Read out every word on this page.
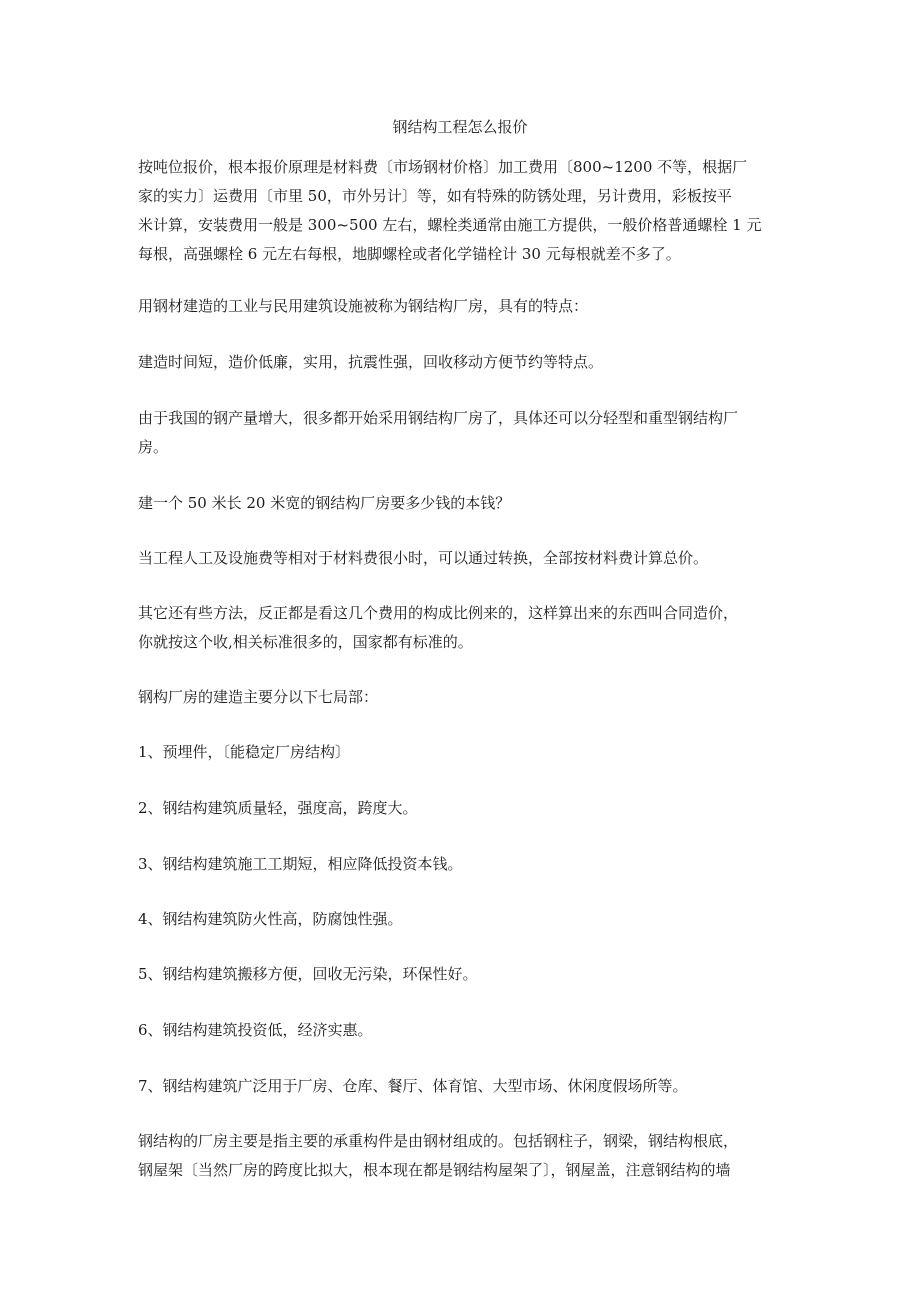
钢结构工程怎么报价

按吨位报价，根本报价原理是材料费〔市场钢材价格〕加工费用〔800~1200 不等，根据厂
家的实力〕运费用〔市里 50，市外另计〕等，如有特殊的防锈处理，另计费用，彩板按平
米计算，安装费用一般是 300~500 左右，螺栓类通常由施工方提供，一般价格普通螺栓 1 元
每根，高强螺栓 6 元左右每根，地脚螺栓或者化学锚栓计 30 元每根就差不多了。

用钢材建造的工业与民用建筑设施被称为钢结构厂房，具有的特点：

建造时间短，造价低廉，实用，抗震性强，回收移动方便节约等特点。

由于我国的钢产量增大，很多都开始采用钢结构厂房了，具体还可以分轻型和重型钢结构厂
房。

建一个 50 米长 20 米宽的钢结构厂房要多少钱的本钱？

当工程人工及设施费等相对于材料费很小时，可以通过转换，全部按材料费计算总价。

其它还有些方法，反正都是看这几个费用的构成比例来的，这样算出来的东西叫合同造价，
你就按这个收,相关标准很多的，国家都有标准的。

钢构厂房的建造主要分以下七局部：

1、预埋件，〔能稳定厂房结构〕

2、钢结构建筑质量轻，强度高，跨度大。

3、钢结构建筑施工工期短，相应降低投资本钱。

4、钢结构建筑防火性高，防腐蚀性强。

5、钢结构建筑搬移方便，回收无污染，环保性好。

6、钢结构建筑投资低，经济实惠。

7、钢结构建筑广泛用于厂房、仓库、餐厅、体育馆、大型市场、休闲度假场所等。

钢结构的厂房主要是指主要的承重构件是由钢材组成的。包括钢柱子，钢梁，钢结构根底，
钢屋架〔当然厂房的跨度比拟大，根本现在都是钢结构屋架了〕，钢屋盖，注意钢结构的墙
